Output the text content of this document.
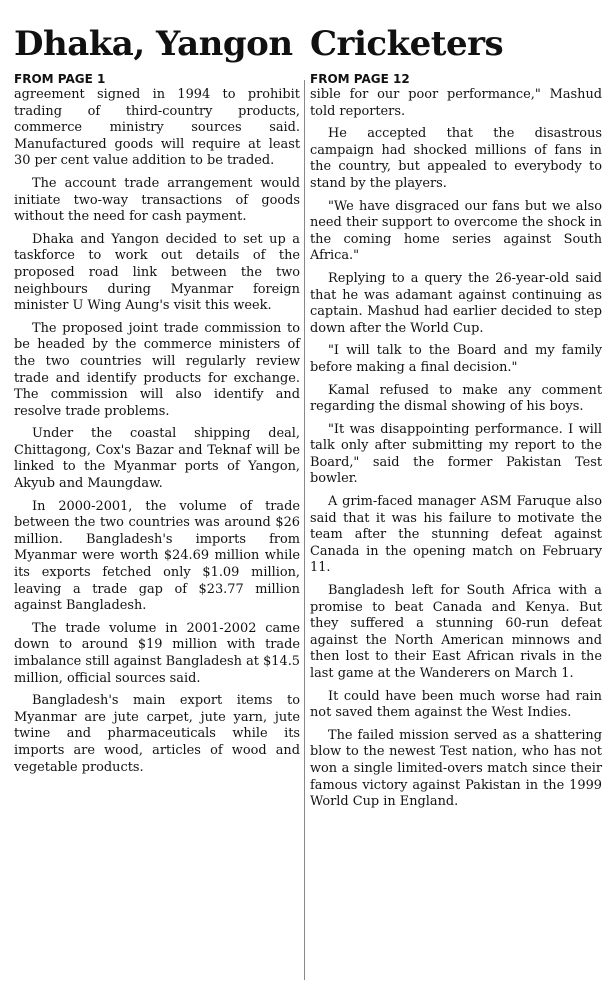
Dhaka, Yangon
FROM PAGE 1

agreement signed in 1994 to prohibit trading of third-country products, commerce ministry sources said. Manufactured goods will require at least 30 per cent value addition to be traded.

The account trade arrangement would initiate two-way transactions of goods without the need for cash payment.

Dhaka and Yangon decided to set up a taskforce to work out details of the proposed road link between the two neighbours during Myanmar foreign minister U Wing Aung's visit this week.

The proposed joint trade commission to be headed by the commerce ministers of the two countries will regularly review trade and identify products for exchange. The commission will also identify and resolve trade problems.

Under the coastal shipping deal, Chittagong, Cox's Bazar and Teknaf will be linked to the Myanmar ports of Yangon, Akyub and Maungdaw.

In 2000-2001, the volume of trade between the two countries was around $26 million. Bangladesh's imports from Myanmar were worth $24.69 million while its exports fetched only $1.09 million, leaving a trade gap of $23.77 million against Bangladesh.

The trade volume in 2001-2002 came down to around $19 million with trade imbalance still against Bangladesh at $14.5 million, official sources said.

Bangladesh's main export items to Myanmar are jute carpet, jute yarn, jute twine and pharmaceuticals while its imports are wood, articles of wood and vegetable products.

Cricketers
FROM PAGE 12

sible for our poor performance," Mashud told reporters.

He accepted that the disastrous campaign had shocked millions of fans in the country, but appealed to everybody to stand by the players.

"We have disgraced our fans but we also need their support to overcome the shock in the coming home series against South Africa."

Replying to a query the 26-year-old said that he was adamant against continuing as captain. Mashud had earlier decided to step down after the World Cup.

"I will talk to the Board and my family before making a final decision."

Kamal refused to make any comment regarding the dismal showing of his boys.

"It was disappointing performance. I will talk only after submitting my report to the Board," said the former Pakistan Test bowler.

A grim-faced manager ASM Faruque also said that it was his failure to motivate the team after the stunning defeat against Canada in the opening match on February 11.

Bangladesh left for South Africa with a promise to beat Canada and Kenya. But they suffered a stunning 60-run defeat against the North American minnows and then lost to their East African rivals in the last game at the Wanderers on March 1.

It could have been much worse had rain not saved them against the West Indies.

The failed mission served as a shattering blow to the newest Test nation, who has not won a single limited-overs match since their famous victory against Pakistan in the 1999 World Cup in England.
